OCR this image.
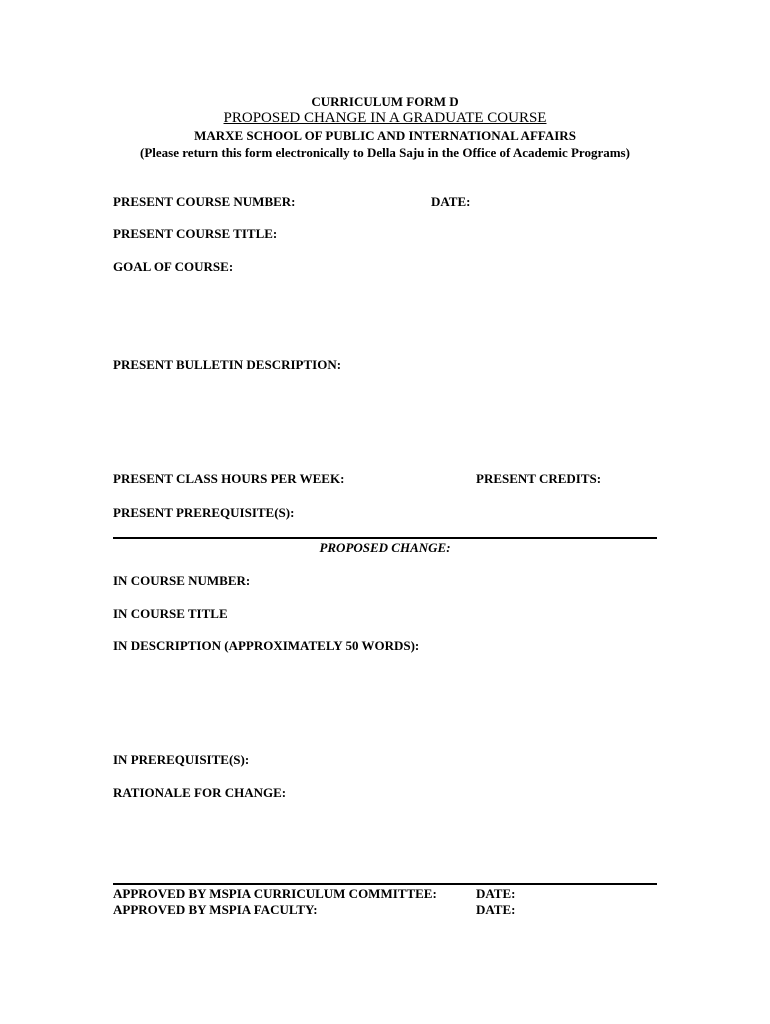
CURRICULUM FORM D
PROPOSED CHANGE IN A GRADUATE COURSE
MARXE SCHOOL OF PUBLIC AND INTERNATIONAL AFFAIRS
(Please return this form electronically to Della Saju in the Office of Academic Programs)
PRESENT COURSE NUMBER:	DATE:
PRESENT COURSE TITLE:
GOAL OF COURSE:
PRESENT BULLETIN DESCRIPTION:
PRESENT CLASS HOURS PER WEEK:	PRESENT CREDITS:
PRESENT PREREQUISITE(S):
PROPOSED CHANGE:
IN COURSE NUMBER:
IN COURSE TITLE
IN DESCRIPTION (APPROXIMATELY 50 WORDS):
IN PREREQUISITE(S):
RATIONALE FOR CHANGE:
APPROVED BY MSPIA CURRICULUM COMMITTEE:	DATE:
APPROVED BY MSPIA FACULTY:	DATE:
